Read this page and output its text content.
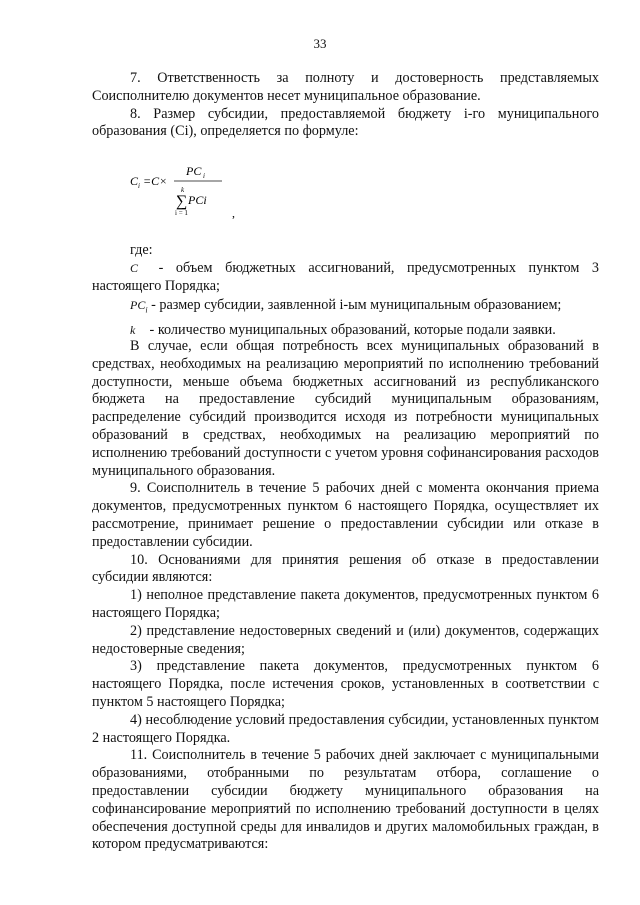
33

7. Ответственность за полноту и достоверность представляемых Соисполнителю документов несет муниципальное образование.

8. Размер субсидии, предоставляемой бюджету i-го муниципального образования (Ci), определяется по формуле:

C i =C×
PC i
k
∑ PCi
i = 1	,

где:

C - объем бюджетных ассигнований, предусмотренных пунктом 3

настоящего Порядка;

$PC_i$ - размер субсидии, заявленной i-ым муниципальным образованием;

k - количество муниципальных образований, которые подали заявки.

В случае, если общая потребность всех муниципальных образований в средствах, необходимых на реализацию мероприятий по исполнению требований доступности, меньше объема бюджетных ассигнований из республиканского бюджета на предоставление субсидий муниципальным образованиям, распределение субсидий производится исходя из потребности муниципальных образований в средствах, необходимых на реализацию мероприятий по исполнению требований доступности с учетом уровня софинансирования расходов муниципального образования.

9. Соисполнитель в течение 5 рабочих дней с момента окончания приема документов, предусмотренных пунктом 6 настоящего Порядка, осуществляет их рассмотрение, принимает решение о предоставлении субсидии или отказе в предоставлении субсидии.

10. Основаниями для принятия решения об отказе в предоставлении субсидии являются:

1) неполное представление пакета документов, предусмотренных пунктом 6 настоящего Порядка;

2) представление недостоверных сведений и (или) документов, содержащих недостоверные сведения;

3) представление пакета документов, предусмотренных пунктом 6 настоящего Порядка, после истечения сроков, установленных в соответствии с пунктом 5 настоящего Порядка;

4) несоблюдение условий предоставления субсидии, установленных пунктом 2 настоящего Порядка.

11. Соисполнитель в течение 5 рабочих дней заключает с муниципальными образованиями, отобранными по результатам отбора, соглашение о предоставлении субсидии бюджету муниципального образования на софинансирование мероприятий по исполнению требований доступности в целях обеспечения доступной среды для инвалидов и других маломобильных граждан, в котором предусматриваются:
